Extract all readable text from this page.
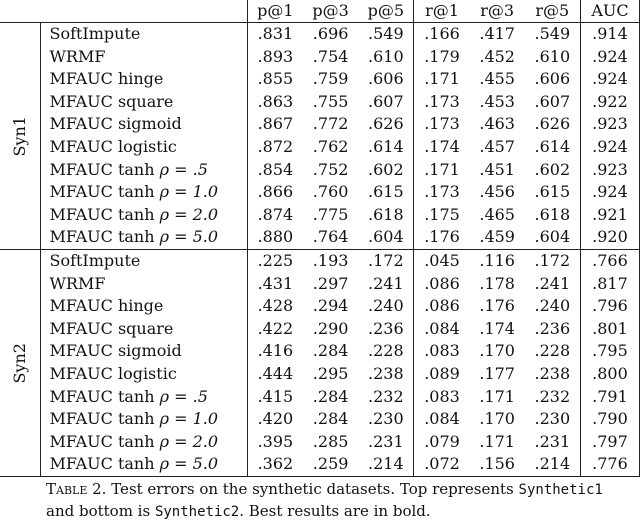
		p@1	p@3	p@5	r@1	r@3	r@5	AUC
Syn1	SoftImpute	.831	.696	.549	.166	.417	.549	.914
	WRMF	.893	.754	.610	.179	.452	.610	.924
	MFAUC hinge	.855	.759	.606	.171	.455	.606	.924
	MFAUC square	.863	.755	.607	.173	.453	.607	.922
	MFAUC sigmoid	.867	.772	.626	.173	.463	.626	.923
	MFAUC logistic	.872	.762	.614	.174	.457	.614	.924
	MFAUC tanh ρ = .5	.854	.752	.602	.171	.451	.602	.923
	MFAUC tanh ρ = 1.0	.866	.760	.615	.173	.456	.615	.924
	MFAUC tanh ρ = 2.0	.874	.775	.618	.175	.465	.618	.921
	MFAUC tanh ρ = 5.0	.880	.764	.604	.176	.459	.604	.920
Syn2	SoftImpute	.225	.193	.172	.045	.116	.172	.766
	WRMF	.431	.297	.241	.086	.178	.241	.817
	MFAUC hinge	.428	.294	.240	.086	.176	.240	.796
	MFAUC square	.422	.290	.236	.084	.174	.236	.801
	MFAUC sigmoid	.416	.284	.228	.083	.170	.228	.795
	MFAUC logistic	.444	.295	.238	.089	.177	.238	.800
	MFAUC tanh ρ = .5	.415	.284	.232	.083	.171	.232	.791
	MFAUC tanh ρ = 1.0	.420	.284	.230	.084	.170	.230	.790
	MFAUC tanh ρ = 2.0	.395	.285	.231	.079	.171	.231	.797
	MFAUC tanh ρ = 5.0	.362	.259	.214	.072	.156	.214	.776
Table 2. Test errors on the synthetic datasets. Top represents Synthetic1 and bottom is Synthetic2. Best results are in bold.
